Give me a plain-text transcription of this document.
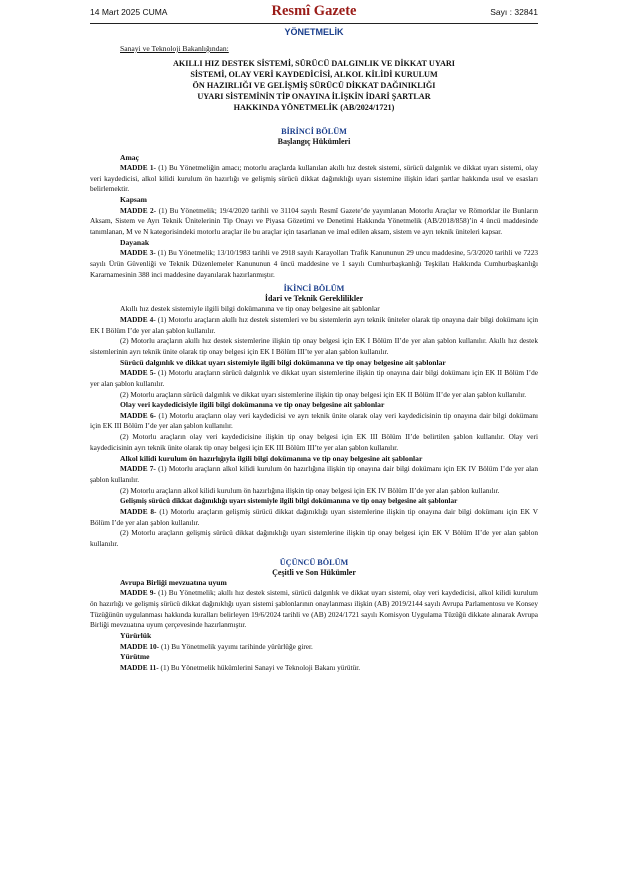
14 Mart 2025 CUMA	Resmî Gazete	Sayı : 32841
YÖNETMELİK
Sanayi ve Teknoloji Bakanlığından:
AKILLI HIZ DESTEK SİSTEMİ, SÜRÜCÜ DALGINLIK VE DİKKAT UYARI
SİSTEMİ, OLAY VERİ KAYDEDİCİSİ, ALKOL KİLİDİ KURULUM
ÖN HAZIRLIĞI VE GELİŞMİŞ SÜRÜCÜ DİKKAT DAĞINIKLIĞI
UYARI SİSTEMİNİN TİP ONAYINA İLİŞKİN İDARİ ŞARTLAR
HAKKINDA YÖNETMELİK (AB/2024/1721)
BİRİNCİ BÖLÜM
Başlangıç Hükümleri
Amaç

MADDE 1- (1) Bu Yönetmeliğin amacı; motorlu araçlarda kullanılan akıllı hız destek sistemi, sürücü dalgınlık ve dikkat uyarı sistemi, olay veri kaydedicisi, alkol kilidi kurulum ön hazırlığı ve gelişmiş sürücü dikkat dağınıklığı uyarı sistemine ilişkin idari şartlar hakkında usul ve esasları belirlemektir.

Kapsam

MADDE 2- (1) Bu Yönetmelik; 19/4/2020 tarihli ve 31104 sayılı Resmî Gazete’de yayımlanan Motorlu Araçlar ve Römorklar ile Bunların Aksam, Sistem ve Ayrı Teknik Ünitelerinin Tip Onayı ve Piyasa Gözetimi ve Denetimi Hakkında Yönetmelik (AB/2018/858)’in 4 üncü maddesinde tanımlanan, M ve N kategorisindeki motorlu araçlar ile bu araçlar için tasarlanan ve imal edilen aksam, sistem ve ayrı teknik üniteleri kapsar.

Dayanak

MADDE 3- (1) Bu Yönetmelik; 13/10/1983 tarihli ve 2918 sayılı Karayolları Trafik Kanununun 29 uncu maddesine, 5/3/2020 tarihli ve 7223 sayılı Ürün Güvenliği ve Teknik Düzenlemeler Kanununun 4 üncü maddesine ve 1 sayılı Cumhurbaşkanlığı Teşkilatı Hakkında Cumhurbaşkanlığı Kararnamesinin 388 inci maddesine dayanılarak hazırlanmıştır.

İKİNCİ BÖLÜM
İdari ve Teknik Gereklilikler
Akıllı hız destek sistemiyle ilgili bilgi dokümanına ve tip onay belgesine ait şablonlar

MADDE 4- (1) Motorlu araçların akıllı hız destek sistemleri ve bu sistemlerin ayrı teknik üniteler olarak tip onayına dair bilgi dokümanı için EK I Bölüm I’de yer alan şablon kullanılır.

(2) Motorlu araçların akıllı hız destek sistemlerine ilişkin tip onay belgesi için EK I Bölüm II’de yer alan şablon kullanılır. Akıllı hız destek sistemlerinin ayrı teknik ünite olarak tip onay belgesi için EK I Bölüm III’te yer alan şablon kullanılır.

Sürücü dalgınlık ve dikkat uyarı sistemiyle ilgili bilgi dokümanına ve tip onay belgesine ait şablonlar

MADDE 5- (1) Motorlu araçların sürücü dalgınlık ve dikkat uyarı sistemlerine ilişkin tip onayına dair bilgi dokümanı için EK II Bölüm I’de yer alan şablon kullanılır.

(2) Motorlu araçların sürücü dalgınlık ve dikkat uyarı sistemlerine ilişkin tip onay belgesi için EK II Bölüm II’de yer alan şablon kullanılır.

Olay veri kaydedicisiyle ilgili bilgi dokümanına ve tip onay belgesine ait şablonlar

MADDE 6- (1) Motorlu araçların olay veri kaydedicisi ve ayrı teknik ünite olarak olay veri kaydedicisinin tip onayına dair bilgi dokümanı için EK III Bölüm I’de yer alan şablon kullanılır.

(2) Motorlu araçların olay veri kaydedicisine ilişkin tip onay belgesi için EK III Bölüm II’de belirtilen şablon kullanılır. Olay veri kaydedicisinin ayrı teknik ünite olarak tip onay belgesi için EK III Bölüm III’te yer alan şablon kullanılır.

Alkol kilidi kurulum ön hazırlığıyla ilgili bilgi dokümanına ve tip onay belgesine ait şablonlar

MADDE 7- (1) Motorlu araçların alkol kilidi kurulum ön hazırlığına ilişkin tip onayına dair bilgi dokümanı için EK IV Bölüm I’de yer alan şablon kullanılır.

(2) Motorlu araçların alkol kilidi kurulum ön hazırlığına ilişkin tip onay belgesi için EK IV Bölüm II’de yer alan şablon kullanılır.

Gelişmiş sürücü dikkat dağınıklığı uyarı sistemiyle ilgili bilgi dokümanına ve tip onay belgesine ait şablonlar

MADDE 8- (1) Motorlu araçların gelişmiş sürücü dikkat dağınıklığı uyarı sistemlerine ilişkin tip onayına dair bilgi dokümanı için EK V Bölüm I’de yer alan şablon kullanılır.

(2) Motorlu araçların gelişmiş sürücü dikkat dağınıklığı uyarı sistemlerine ilişkin tip onay belgesi için EK V Bölüm II’de yer alan şablon kullanılır.

ÜÇÜNCÜ BÖLÜM
Çeşitli ve Son Hükümler
Avrupa Birliği mevzuatına uyum

MADDE 9- (1) Bu Yönetmelik; akıllı hız destek sistemi, sürücü dalgınlık ve dikkat uyarı sistemi, olay veri kaydedicisi, alkol kilidi kurulum ön hazırlığı ve gelişmiş sürücü dikkat dağınıklığı uyarı sistemi şablonlarının onaylanması ilişkin (AB) 2019/2144 sayılı Avrupa Parlamentosu ve Konsey Tüzüğünün uygulanması hakkında kuralları belirleyen 19/6/2024 tarihli ve (AB) 2024/1721 sayılı Komisyon Uygulama Tüzüğü dikkate alınarak Avrupa Birliği mevzuatına uyum çerçevesinde hazırlanmıştır.

Yürürlük

MADDE 10- (1) Bu Yönetmelik yayımı tarihinde yürürlüğe girer.

Yürütme

MADDE 11- (1) Bu Yönetmelik hükümlerini Sanayi ve Teknoloji Bakanı yürütür.
